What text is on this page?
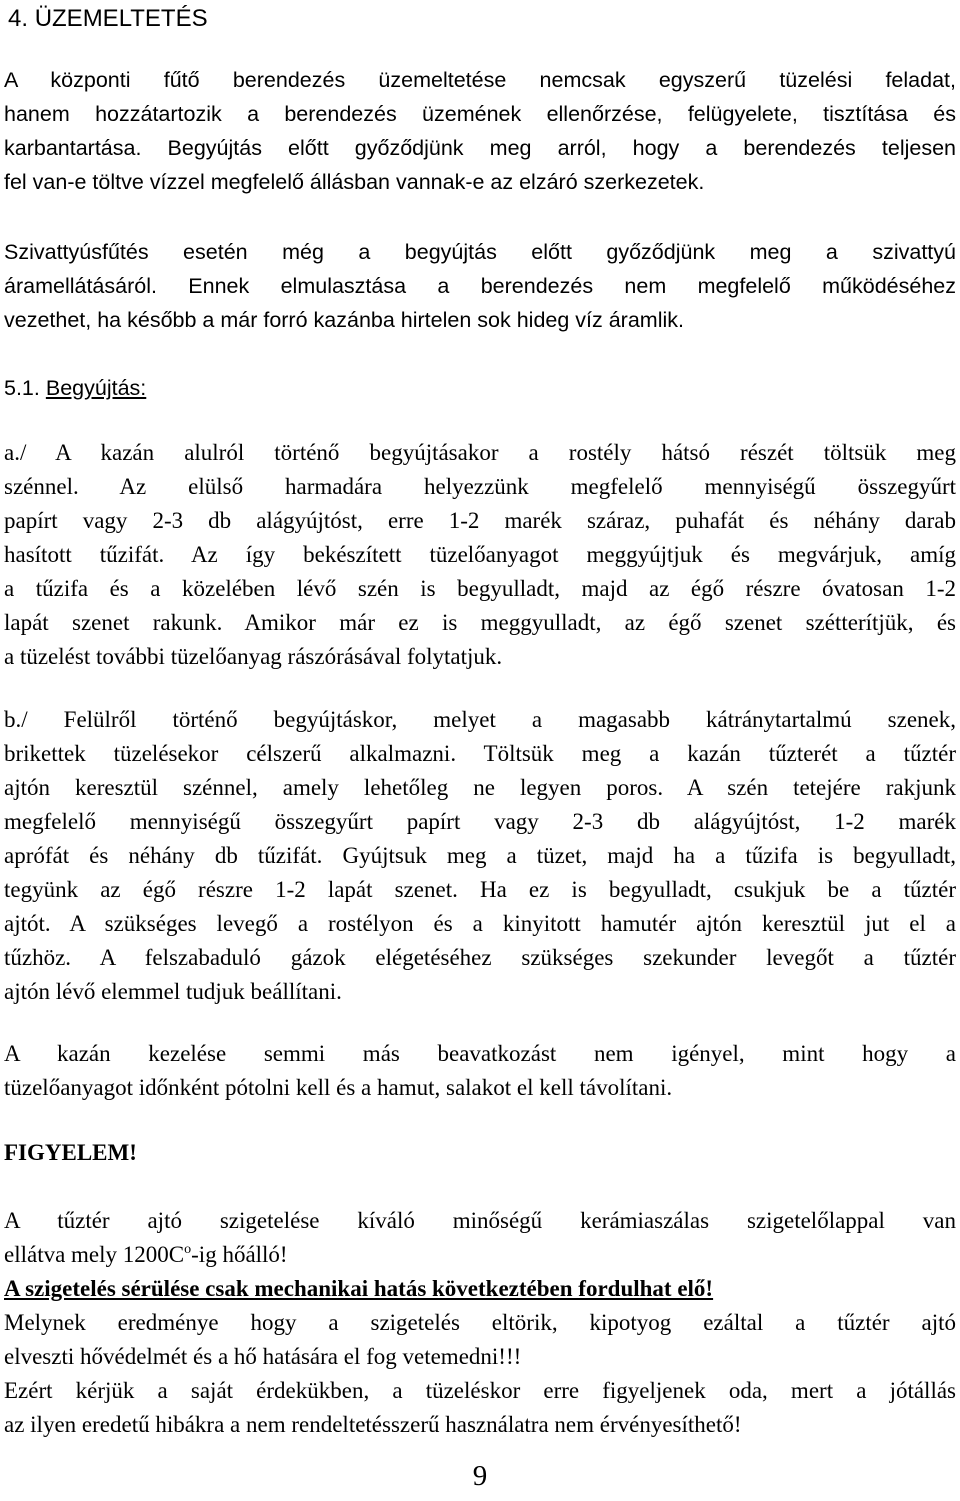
4. ÜZEMELTETÉS
A központi fűtő berendezés üzemeltetése nemcsak egyszerű tüzelési feladat,
hanem hozzátartozik a berendezés üzemének ellenőrzése, felügyelete, tisztítása és
karbantartása. Begyújtás előtt győződjünk meg arról, hogy a berendezés teljesen
fel van-e töltve vízzel megfelelő állásban vannak-e az elzáró szerkezetek.
Szivattyúsfűtés esetén még a begyújtás előtt győződjünk meg a szivattyú
áramellátásáról. Ennek elmulasztása a berendezés nem megfelelő működéséhez
vezethet, ha később a már forró kazánba hirtelen sok hideg víz áramlik.
5.1. Begyújtás:
a./ A kazán alulról történő begyújtásakor a rostély hátsó részét töltsük meg
szénnel. Az elülső harmadára helyezzünk megfelelő mennyiségű összegyűrt
papírt vagy 2-3 db alágyújtóst, erre 1-2 marék száraz, puhafát és néhány darab
hasított tűzifát. Az így bekészített tüzelőanyagot meggyújtjuk és megvárjuk, amíg
a tűzifa és a közelében lévő szén is begyulladt, majd az égő részre óvatosan 1-2
lapát szenet rakunk. Amikor már ez is meggyulladt, az égő szenet szétterítjük, és
a tüzelést további tüzelőanyag rászórásával folytatjuk.
b./ Felülről történő begyújtáskor, melyet a magasabb kátránytartalmú szenek,
brikettek tüzelésekor célszerű alkalmazni. Töltsük meg a kazán tűzterét a tűztér
ajtón keresztül szénnel, amely lehetőleg ne legyen poros. A szén tetejére rakjunk
megfelelő mennyiségű összegyűrt papírt vagy 2-3 db alágyújtóst, 1-2 marék
aprófát és néhány db tűzifát. Gyújtsuk meg a tüzet, majd ha a tűzifa is begyulladt,
tegyünk az égő részre 1-2 lapát szenet. Ha ez is begyulladt, csukjuk be a tűztér
ajtót. A szükséges levegő a rostélyon és a kinyitott hamutér ajtón keresztül jut el a
tűzhöz. A felszabaduló gázok elégetéséhez szükséges szekunder levegőt a tűztér
ajtón lévő elemmel tudjuk beállítani.
A kazán kezelése semmi más beavatkozást nem igényel, mint hogy a
tüzelőanyagot időnként pótolni kell és a hamut, salakot el kell távolítani.
FIGYELEM!
A tűztér ajtó szigetelése kíváló minőségű kerámiaszálas szigetelőlappal van
ellátva mely $1200C^o-ig$ hőálló!
A szigetelés sérülése csak mechanikai hatás következtében fordulhat elő!
Melynek eredménye hogy a szigetelés eltörik, kipotyog ezáltal a tűztér ajtó
elveszti hővédelmét és a hő hatására el fog vetemedni!!!
Ezért kérjük a saját érdekükben, a tüzeléskor erre figyeljenek oda, mert a jótállás
az ilyen eredetű hibákra a nem rendeltetésszerű használatra nem érvényesíthető!
9
